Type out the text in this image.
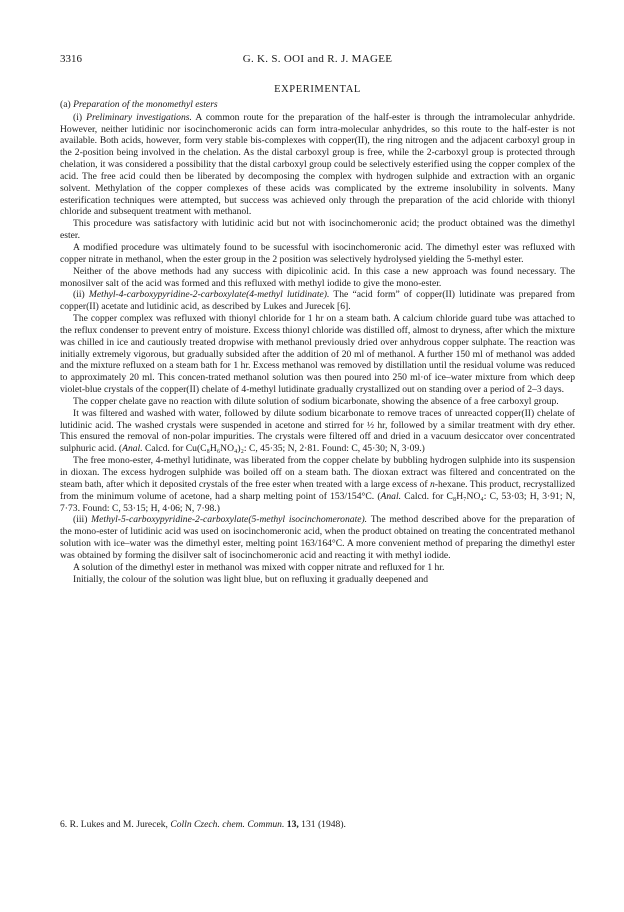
3316	G. K. S. OOI and R. J. MAGEE
EXPERIMENTAL
(a) Preparation of the monomethyl esters

(i) Preliminary investigations. A common route for the preparation of the half-ester is through the intramolecular anhydride. However, neither lutidinic nor isocinchomeronic acids can form intra-molecular anhydrides, so this route to the half-ester is not available. Both acids, however, form very stable bis-complexes with copper(II), the ring nitrogen and the adjacent carboxyl group in the 2-position being involved in the chelation. As the distal carboxyl group is free, while the 2-carboxyl group is protected through chelation, it was considered a possibility that the distal carboxyl group could be selectively esterified using the copper complex of the acid. The free acid could then be liberated by decomposing the complex with hydrogen sulphide and extraction with an organic solvent. Methylation of the copper complexes of these acids was complicated by the extreme insolubility in solvents. Many esterification techniques were attempted, but success was achieved only through the preparation of the acid chloride with thionyl chloride and subsequent treatment with methanol.

This procedure was satisfactory with lutidinic acid but not with isocinchomeronic acid; the product obtained was the dimethyl ester.

A modified procedure was ultimately found to be sucessful with isocinchomeronic acid. The dimethyl ester was refluxed with copper nitrate in methanol, when the ester group in the 2 position was selectively hydrolysed yielding the 5-methyl ester.

Neither of the above methods had any success with dipicolinic acid. In this case a new approach was found necessary. The monosilver salt of the acid was formed and this refluxed with methyl iodide to give the mono-ester.

(ii) Methyl-4-carboxypyridine-2-carboxylate(4-methyl lutidinate). The “acid form” of copper(II) lutidinate was prepared from copper(II) acetate and lutidinic acid, as described by Lukes and Jurecek [6].

The copper complex was refluxed with thionyl chloride for 1 hr on a steam bath. A calcium chloride guard tube was attached to the reflux condenser to prevent entry of moisture. Excess thionyl chloride was distilled off, almost to dryness, after which the mixture was chilled in ice and cautiously treated dropwise with methanol previously dried over anhydrous copper sulphate. The reaction was initially extremely vigorous, but gradually subsided after the addition of 20 ml of methanol. A further 150 ml of methanol was added and the mixture refluxed on a steam bath for 1 hr. Excess methanol was removed by distillation until the residual volume was reduced to approximately 20 ml. This concen-trated methanol solution was then poured into 250 ml·of ice–water mixture from which deep violet-blue crystals of the copper(II) chelate of 4-methyl lutidinate gradually crystallized out on standing over a period of 2–3 days.

The copper chelate gave no reaction with dilute solution of sodium bicarbonate, showing the absence of a free carboxyl group.

It was filtered and washed with water, followed by dilute sodium bicarbonate to remove traces of unreacted copper(II) chelate of lutidinic acid. The washed crystals were suspended in acetone and stirred for ½ hr, followed by a similar treatment with dry ether. This ensured the removal of non-polar impurities. The crystals were filtered off and dried in a vacuum desiccator over concentrated sulphuric acid. (Anal. Calcd. for Cu(C₈H₆NO₄)₂: C, 45·35; N, 2·81. Found: C, 45·30; N, 3·09.)

The free mono-ester, 4-methyl lutidinate, was liberated from the copper chelate by bubbling hydrogen sulphide into its suspension in dioxan. The excess hydrogen sulphide was boiled off on a steam bath. The dioxan extract was filtered and concentrated on the steam bath, after which it deposited crystals of the free ester when treated with a large excess of n-hexane. This product, recrystallized from the minimum volume of acetone, had a sharp melting point of 153/154°C. (Anal. Calcd. for C₈H₇NO₄: C, 53·03; H, 3·91; N, 7·73. Found: C, 53·15; H, 4·06; N, 7·98.)

(iii) Methyl-5-carboxypyridine-2-carboxylate(5-methyl isocinchomeronate). The method described above for the preparation of the mono-ester of lutidinic acid was used on isocinchomeronic acid, when the product obtained on treating the concentrated methanol solution with ice–water was the dimethyl ester, melting point 163/164°C. A more convenient method of preparing the dimethyl ester was obtained by forming the disilver salt of isocinchomeronic acid and reacting it with methyl iodide.

A solution of the dimethyl ester in methanol was mixed with copper nitrate and refluxed for 1 hr.

Initially, the colour of the solution was light blue, but on refluxing it gradually deepened and

6. R. Lukes and M. Jurecek, Colln Czech. chem. Commun. 13, 131 (1948).
